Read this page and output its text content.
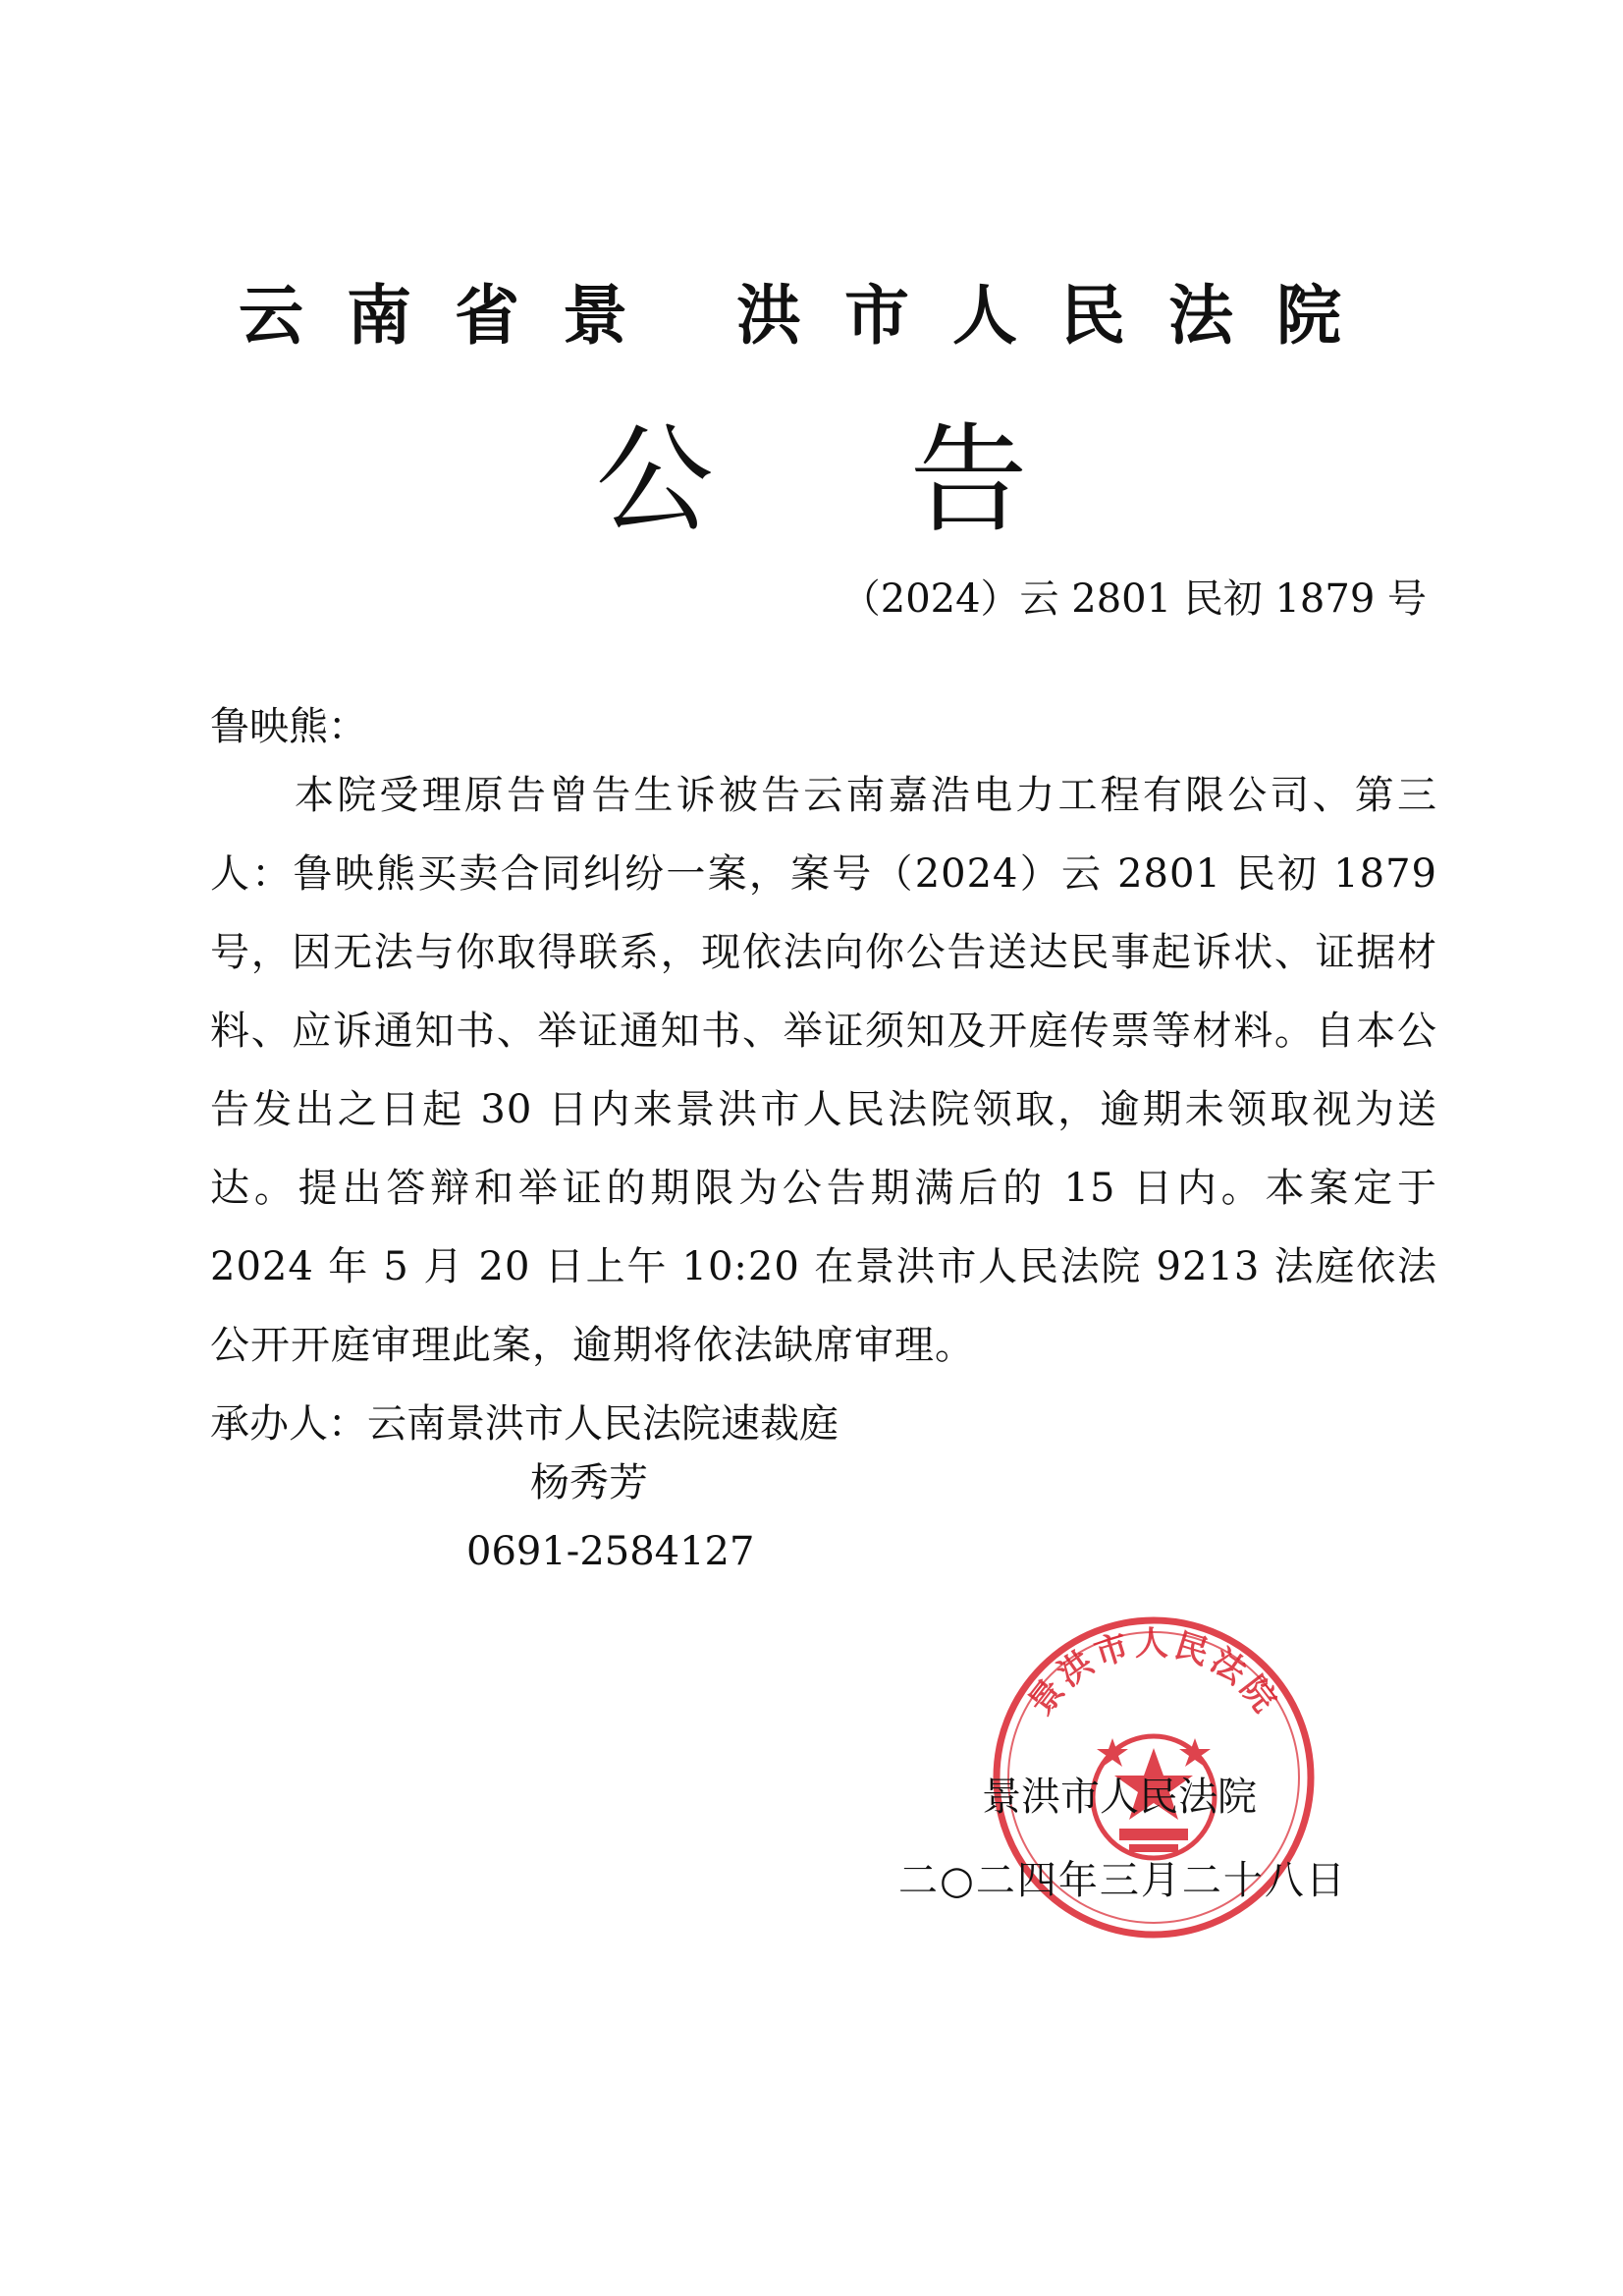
云南省景 洪市人民法院
公告
（2024）云 2801 民初 1879 号
鲁映熊：
本院受理原告曾告生诉被告云南嘉浩电力工程有限公司、第三人：鲁映熊买卖合同纠纷一案，案号（2024）云 2801 民初 1879 号，因无法与你取得联系，现依法向你公告送达民事起诉状、证据材料、应诉通知书、举证通知书、举证须知及开庭传票等材料。自本公告发出之日起 30 日内来景洪市人民法院领取，逾期未领取视为送达。提出答辩和举证的期限为公告期满后的 15 日内。本案定于 2024 年 5 月 20 日上午 10:20 在景洪市人民法院 9213 法庭依法公开开庭审理此案，逾期将依法缺席审理。
承办人：云南景洪市人民法院速裁庭
杨秀芳
0691-2584127
景洪市人民法院
景洪市人民法院
二○二四年三月二十八日
